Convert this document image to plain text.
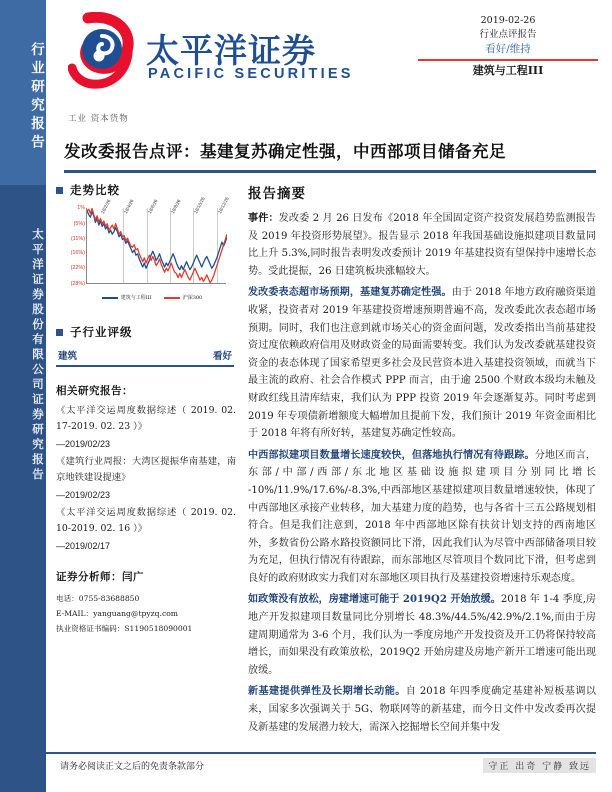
行业研究报告
太平洋证券股份有限公司证券研究报告
太平洋证券
PACIFIC SECURITIES
2019-02-26
行业点评报告
看好/维持
建筑与工程III
工业 资本货物
发改委报告点评：基建复苏确定性强，中西部项目储备充足
走势比较
1%
(5%)
(11%)
(16%)
(22%)
(28%)
18/2/26	18/4/26	18/6/26	18/8/26	18/10/26 18/12/26
建筑与工程III	沪深300
子行业评级
建筑	看好
相关研究报告：
《太平洋交运周度数据综述（ 2019. 02. 17-2019. 02. 23 ）》
—2019/02/23
《建筑行业周报：大湾区提振华南基建，南京地铁建设提速》
—2019/02/23
《太平洋交运周度数据综述（ 2019. 02. 10-2019. 02. 16 ）》
—2019/02/17
证券分析师：闫广
电话：0755-83688850
E-MAIL：yanguang@tpyzq.com
执业资格证书编码：S1190518090001
报告摘要

事件：发改委 2 月 26 日发布《2018 年全国固定资产投资发展趋势监测报告及 2019 年投资形势展望》。报告显示 2018 年我国基础设施拟建项目数量同比上升 5.3%,同时报告表明发改委预计 2019 年基建投资有望保持中速增长态势。受此提振，26 日建筑板块涨幅较大。

发改委表态超市场预期，基建复苏确定性强。由于 2018 年地方政府融资渠道收紧，投资者对 2019 年基建投资增速预期普遍不高，发改委此次表态超市场预期。同时，我们也注意到就市场关心的资金面问题，发改委指出当前基建投资过度依赖政府信用及财政资金的局面需要转变。我们认为发改委就基建投资资金的表态体现了国家希望更多社会及民营资本进入基建投资领域，而就当下最主流的政府、社会合作模式 PPP 而言，由于逾 2500 个财政本级均未触及财政红线且清库结束，我们认为 PPP 投资 2019 年会逐渐复苏。同时考虑到 2019 年专项债新增额度大幅增加且提前下发，我们预计 2019 年资金面相比于 2018 年将有所好转，基建复苏确定性较高。

中西部拟建项目数量增长速度较快，但落地执行情况有待跟踪。分地区而言，东部/中部/西部/东北地区基础设施拟建项目分别同比增长 -10%/11.9%/17.6%/-8.3%,中西部地区基建拟建项目数量增速较快，体现了中西部地区承接产业转移，加大基建力度的趋势，也与各省十三五公路规划相符合。但是我们注意到，2018 年中西部地区除有扶贫计划支持的西南地区外，多数省份公路水路投资额同比下滑，因此我们认为尽管中西部储备项目较为充足，但执行情况有待跟踪，而东部地区尽管项目个数同比下滑，但考虑到良好的政府财政实力我们对东部地区项目执行及基建投资增速持乐观态度。

如政策没有放松，房建增速可能于 2019Q2 开始放缓。2018 年 1-4 季度,房地产开发拟建项目数量同比分别增长 48.3%/44.5%/42.9%/2.1%,而由于房建周期通常为 3-6 个月，我们认为一季度房地产开发投资及开工仍将保持较高增长，而如果没有政策放松，2019Q2 开始房建及房地产新开工增速可能出现放缓。

新基建提供弹性及长期增长动能。自 2018 年四季度确定基建补短板基调以来，国家多次强调关于 5G、物联网等的新基建，而今日文件中发改委再次提及新基建的发展潜力较大，需深入挖掘增长空间并集中发

请务必阅读正文之后的免责条款部分	守正 出奇 宁静 致远
